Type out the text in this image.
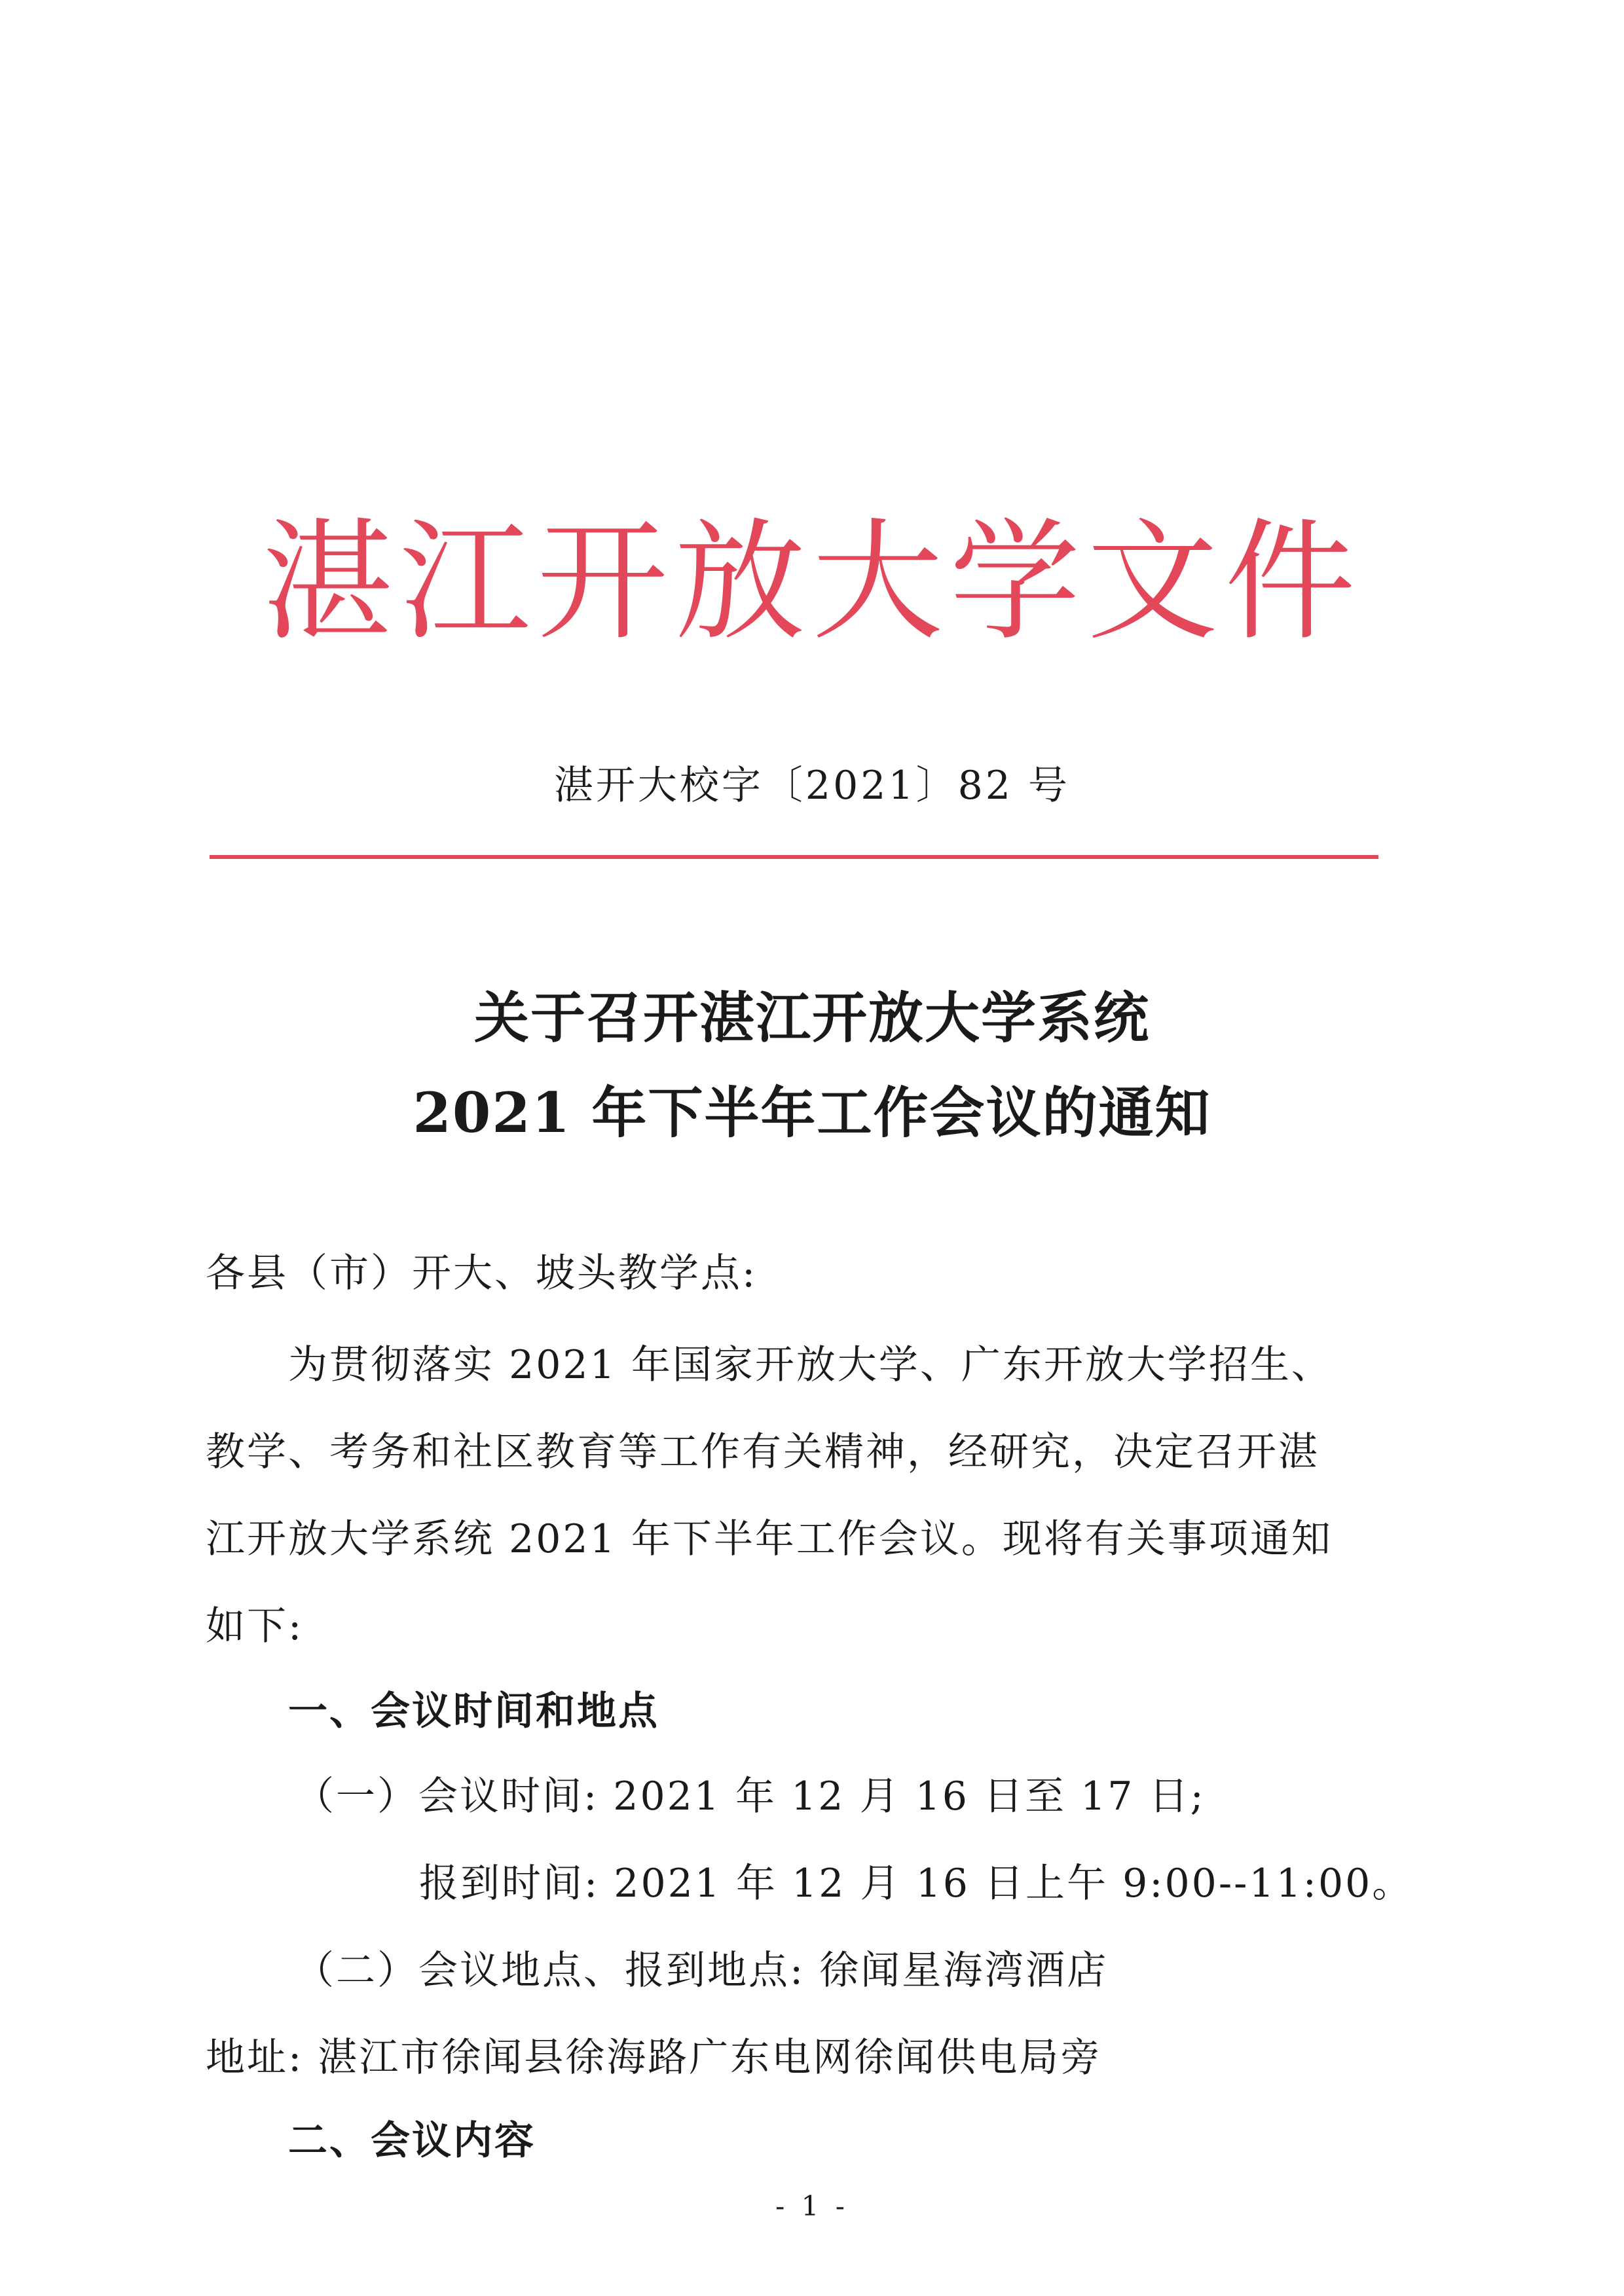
湛江开放大学文件
湛开大校字〔2021〕82 号
关于召开湛江开放大学系统
2021 年下半年工作会议的通知
各县（市）开大、坡头教学点:
为贯彻落实 2021 年国家开放大学、广东开放大学招生、
教学、考务和社区教育等工作有关精神，经研究，决定召开湛
江开放大学系统 2021 年下半年工作会议。现将有关事项通知
如下:
一、会议时间和地点
（一）会议时间: 2021 年 12 月 16 日至 17 日;
报到时间: 2021 年 12 月 16 日上午 9:00--11:00。
（二）会议地点、报到地点: 徐闻星海湾酒店
地址: 湛江市徐闻县徐海路广东电网徐闻供电局旁
二、会议内容
- 1 -
